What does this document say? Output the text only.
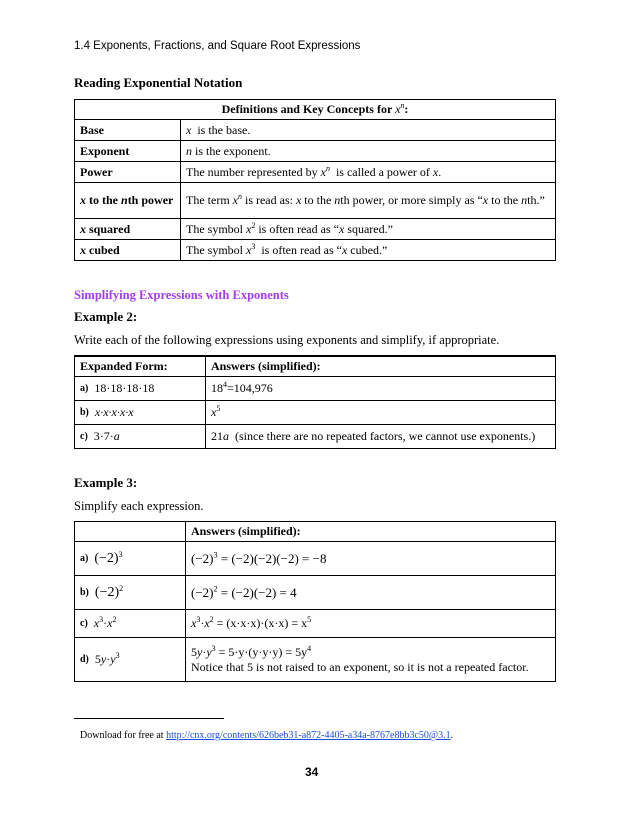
1.4 Exponents, Fractions, and Square Root Expressions
Reading Exponential Notation
Definitions and Key Concepts for $x^n$:	
Base	x is the base.
Exponent	n is the exponent.
Power	The number represented by $x^n$ is called a power of x.
x to the nth power	The term $x^n$ is read as: x to the nth power, or more simply as “x to the nth.”
x squared	The symbol $x^2$ is often read as “x squared.”
x cubed	The symbol $x^3$ is often read as “x cubed.”
Simplifying Expressions with Exponents
Example 2:
Write each of the following expressions using exponents and simplify, if appropriate.
Expanded Form:	Answers (simplified):
$^{a)}$ 18·18·18·18	$18^4=104,976$
$^{b)}$ x·x·x·x·x	$x^5$
$^{c)}$ 3·7·a	21a (since there are no repeated factors, we cannot use exponents.)
Example 3:
Simplify each expression.
	Answers (simplified):
$^{a)}$ $(-2)^3$	$(-2)^3 = (-2)(-2)(-2) = -8$
$^{b)}$ $(-2)^2$	$(-2)^2 = (-2)(-2) = 4$
$^{c)}$ $x^3\cdot x^2$	$x^3\cdot x^2 = (x\cdot x\cdot x)\cdot(x\cdot x) = x^5$
$^{d)}$  $5y\cdot y^3$	$5y\cdot y^3 = 5\cdot y\cdot(y\cdot y\cdot y) = 5y^4$
Notice that 5 is not raised to an exponent, so it is not a repeated factor.
Download for free at http://cnx.org/contents/626beb31-a872-4405-a34a-8767e8bb3c50@3.1.
34
